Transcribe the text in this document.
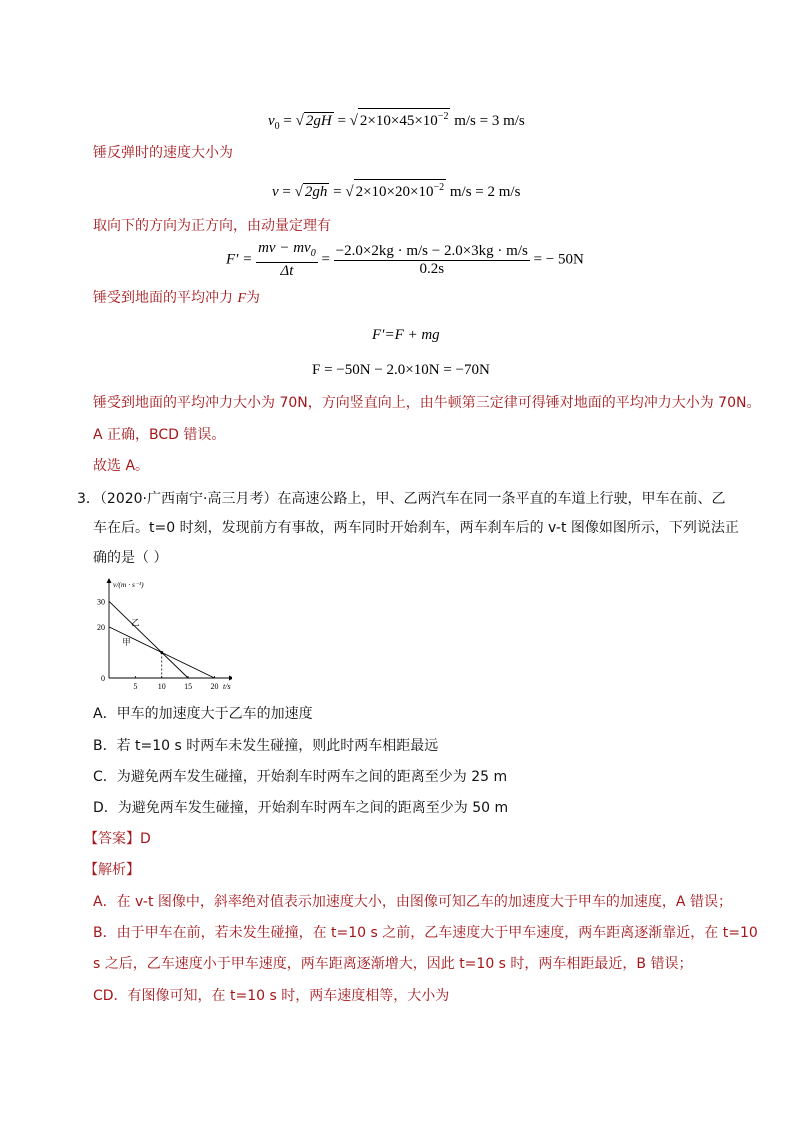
$v_0$ = √ 2gH = √ $2\times 10\times 45\times 10^{-2}$ m/s = 3 m/s
锤反弹时的速度大小为
v = √ 2gh = √ $2\times 10\times 20\times 10^{-2}$ m/s = 2 m/s
取向下的方向为正方向，由动量定理有
$F' = \frac{mv - mv_0}{\Delta t} = \frac{-2.0\times 2kg \cdot m/s - 2.0\times 3kg \cdot m/s}{0.2s}$ = − 50N
锤受到地面的平均冲力 F为
F′=F + mg
F = −50N − 2.0×10N = −70N
锤受到地面的平均冲力大小为 70N，方向竖直向上，由牛顿第三定律可得锤对地面的平均冲力大小为 70N。
A 正确，BCD 错误。
故选 A。
3．（2020·广西南宁·高三月考）在高速公路上，甲、乙两汽车在同一条平直的车道上行驶，甲车在前、乙
车在后。t=0 时刻，发现前方有事故，两车同时开始刹车，两车刹车后的 v-t 图像如图所示，下列说法正
确的是（ ）
v/(m · s⁻¹)
t/s
5	10 15 20
0
20
30
乙
甲
A．甲车的加速度大于乙车的加速度
B．若 t=10 s 时两车未发生碰撞，则此时两车相距最远
C．为避免两车发生碰撞，开始刹车时两车之间的距离至少为 25 m
D．为避免两车发生碰撞，开始刹车时两车之间的距离至少为 50 m
【答案】D
【解析】
A．在 v-t 图像中，斜率绝对值表示加速度大小，由图像可知乙车的加速度大于甲车的加速度，A 错误；
B．由于甲车在前，若未发生碰撞，在 t=10 s 之前，乙车速度大于甲车速度，两车距离逐渐靠近，在 t=10
s 之后，乙车速度小于甲车速度，两车距离逐渐增大，因此 t=10 s 时，两车相距最近，B 错误；
CD．有图像可知，在 t=10 s 时，两车速度相等，大小为
